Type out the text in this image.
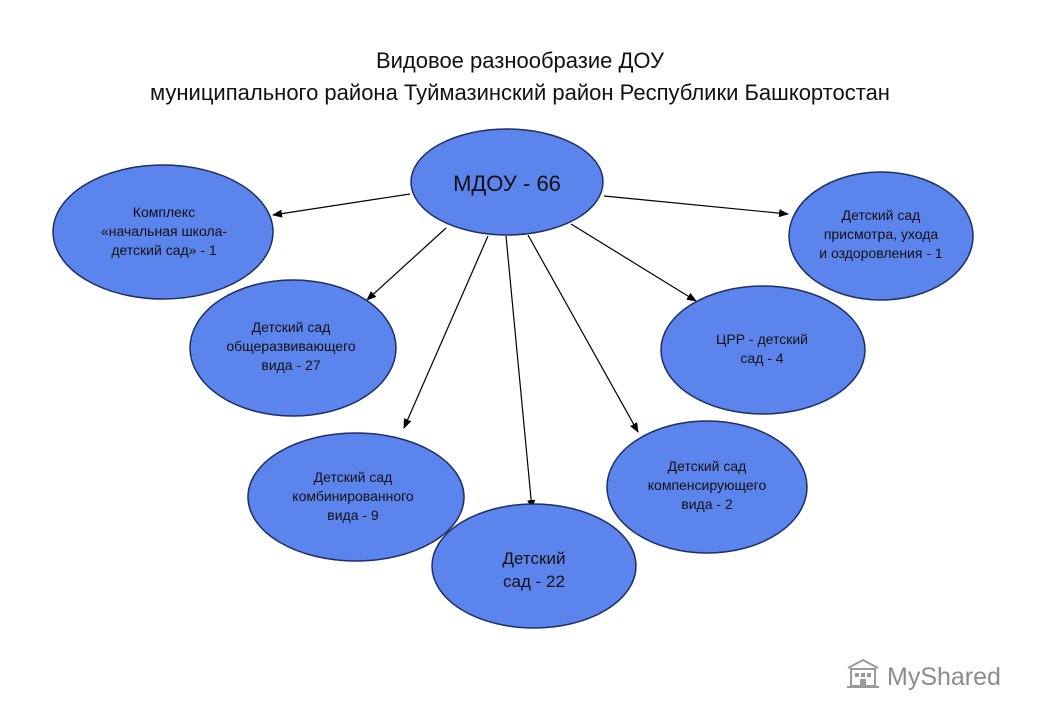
Видовое разнообразие ДОУ
муниципального района Туймазинский район Республики Башкортостан
МДОУ - 66
Комплекс
«начальная школа-
детский сад» - 1
Детский сад
присмотра, ухода
и оздоровления - 1
Детский сад
общеразвивающего
вида - 27
ЦРР - детский
сад - 4
Детский сад
комбинированного
вида - 9
Детский сад
компенсирующего
вида - 2
Детский
сад - 22
MyShared
